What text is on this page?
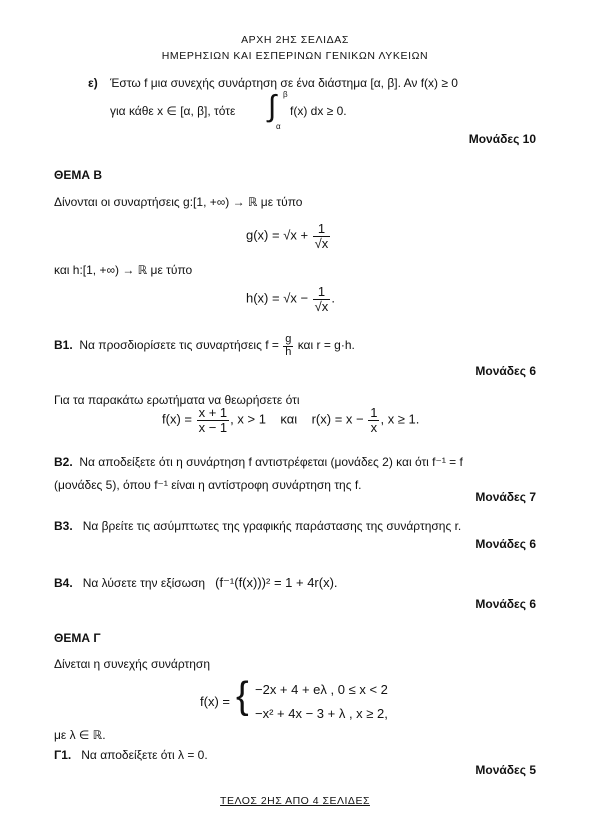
ΑΡΧΗ 2ΗΣ ΣΕΛΙΔΑΣ
ΗΜΕΡΗΣΙΩΝ ΚΑΙ ΕΣΠΕΡΙΝΩΝ ΓΕΝΙΚΩΝ ΛΥΚΕΙΩΝ
ε) Έστω f μια συνεχής συνάρτηση σε ένα διάστημα [α, β]. Αν f(x) ≥ 0
για κάθε x ∈ [α, β], τότε ∫ β
α
f(x) dx ≥ 0.
Μονάδες 10
ΘΕΜΑ Β
Δίνονται οι συναρτήσεις g:[1, +∞) → ℝ με τύπο
$g(x) = √x + \frac{1}{√x}$
και h:[1, +∞) → ℝ με τύπο
$h(x) = √x - \frac{1}{√x}$ .
Β1. Να προσδιορίσετε τις συναρτήσεις $f = \frac{g}{h}$ και r = g·h.
Μονάδες 6
Για τα παρακάτω ερωτήματα να θεωρήσετε ότι
$f(x) = \frac{x + 1}{x - 1}$ , x > 1 και $r(x) = x - \frac{1}{x}$ , x ≥ 1.
Β2. Να αποδείξετε ότι η συνάρτηση f αντιστρέφεται (μονάδες 2) και ότι f⁻¹ = f
(μονάδες 5), όπου f⁻¹ είναι η αντίστροφη συνάρτηση της f.
Μονάδες 7
Β3. Να βρείτε τις ασύμπτωτες της γραφικής παράστασης της συνάρτησης r.
Μονάδες 6
Β4. Να λύσετε την εξίσωση (f⁻¹(f(x)))² = 1 + 4r(x).
Μονάδες 6
ΘΕΜΑ Γ
Δίνεται η συνεχής συνάρτηση
f(x) = { −2x + 4 + eλ , 0 ≤ x < 2
−x² + 4x − 3 + λ , x ≥ 2,
με λ ∈ ℝ.
Γ1. Να αποδείξετε ότι λ = 0.
Μονάδες 5
ΤΕΛΟΣ 2ΗΣ ΑΠΟ 4 ΣΕΛΙΔΕΣ
